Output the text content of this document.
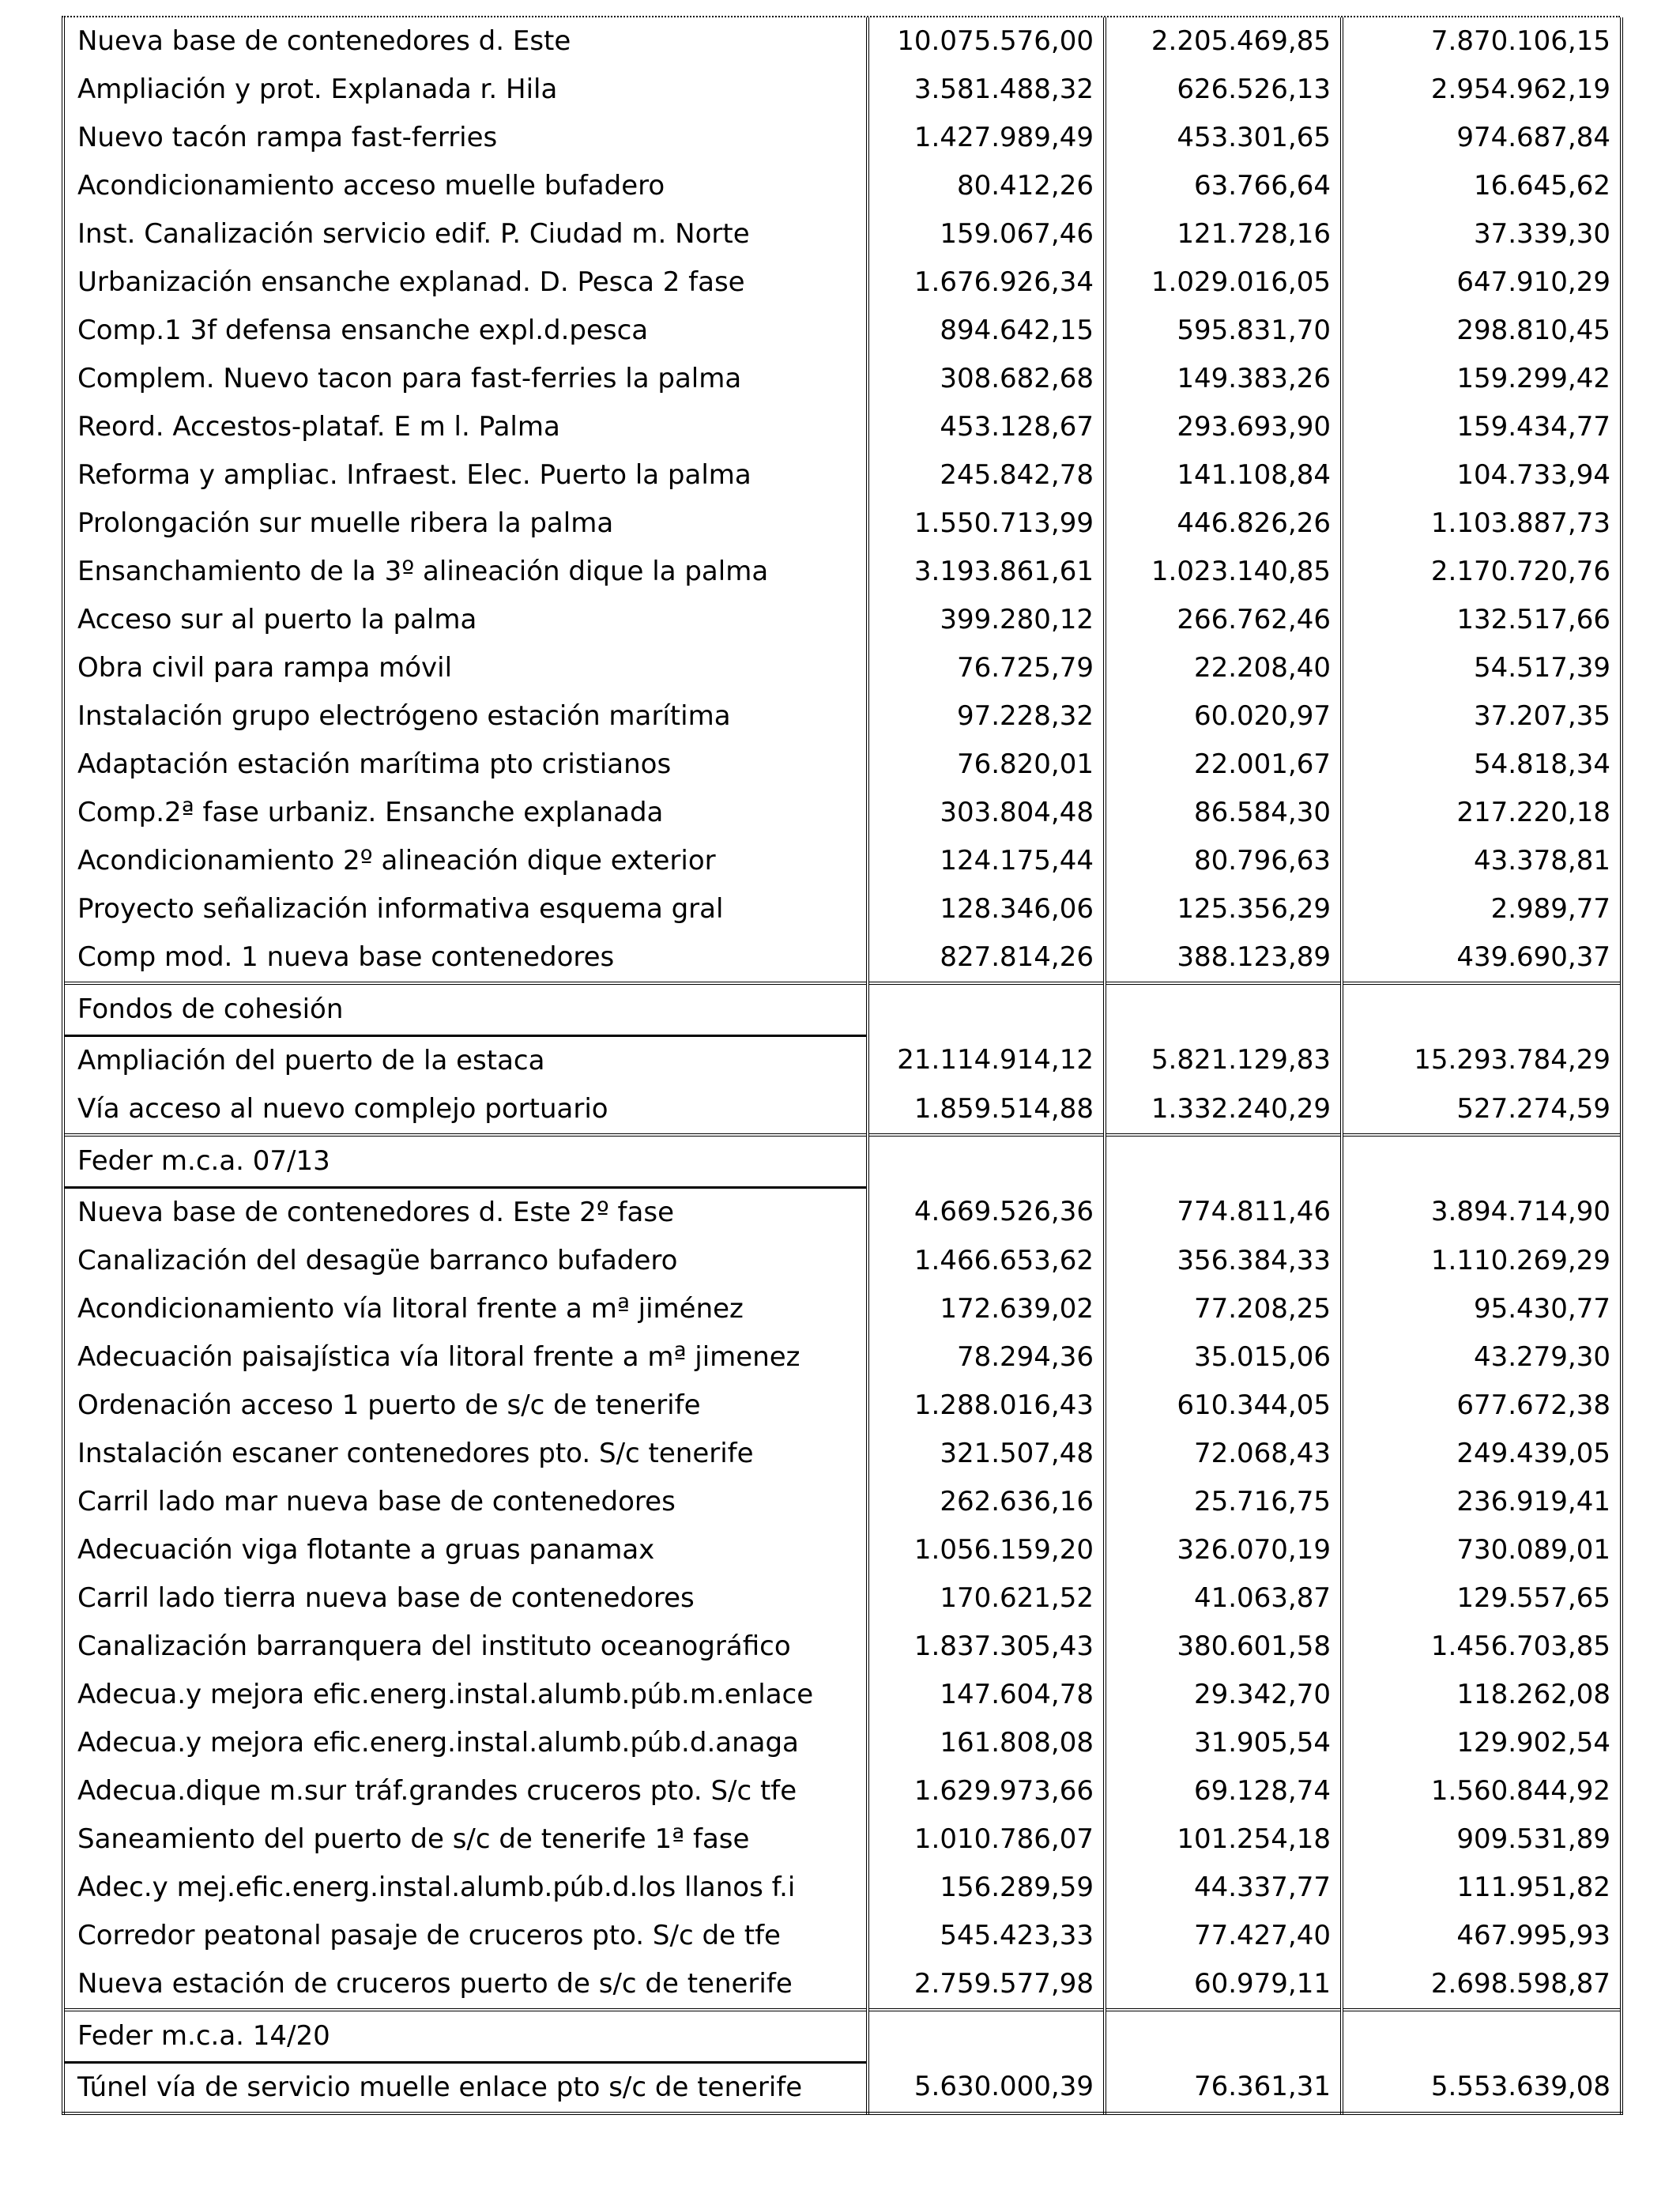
Nueva base de contenedores d. Este	10.075.576,00	2.205.469,85	7.870.106,15
Ampliación y prot. Explanada r. Hila	3.581.488,32	626.526,13	2.954.962,19
Nuevo tacón rampa fast-ferries	1.427.989,49	453.301,65	974.687,84
Acondicionamiento acceso muelle bufadero	80.412,26	63.766,64	16.645,62
Inst. Canalización servicio edif. P. Ciudad m. Norte	159.067,46	121.728,16	37.339,30
Urbanización ensanche explanad. D. Pesca 2 fase	1.676.926,34	1.029.016,05	647.910,29
Comp.1 3f defensa ensanche expl.d.pesca	894.642,15	595.831,70	298.810,45
Complem. Nuevo tacon para fast-ferries la palma	308.682,68	149.383,26	159.299,42
Reord. Accestos-plataf. E m l. Palma	453.128,67	293.693,90	159.434,77
Reforma y ampliac. Infraest. Elec. Puerto la palma	245.842,78	141.108,84	104.733,94
Prolongación sur muelle ribera la palma	1.550.713,99	446.826,26	1.103.887,73
Ensanchamiento de la 3º alineación dique la palma	3.193.861,61	1.023.140,85	2.170.720,76
Acceso sur al puerto la palma	399.280,12	266.762,46	132.517,66
Obra civil para rampa móvil	76.725,79	22.208,40	54.517,39
Instalación grupo electrógeno estación marítima	97.228,32	60.020,97	37.207,35
Adaptación estación marítima pto cristianos	76.820,01	22.001,67	54.818,34
Comp.2ª fase urbaniz. Ensanche explanada	303.804,48	86.584,30	217.220,18
Acondicionamiento 2º alineación dique exterior	124.175,44	80.796,63	43.378,81
Proyecto señalización informativa esquema gral	128.346,06	125.356,29	2.989,77
Comp mod. 1 nueva base contenedores	827.814,26	388.123,89	439.690,37
Fondos de cohesión			
Ampliación del puerto de la estaca	21.114.914,12	5.821.129,83	15.293.784,29
Vía acceso al nuevo complejo portuario	1.859.514,88	1.332.240,29	527.274,59
Feder m.c.a. 07/13			
Nueva base de contenedores d. Este 2º fase	4.669.526,36	774.811,46	3.894.714,90
Canalización del desagüe barranco bufadero	1.466.653,62	356.384,33	1.110.269,29
Acondicionamiento vía litoral frente a mª jiménez	172.639,02	77.208,25	95.430,77
Adecuación paisajística vía litoral frente a mª jimenez	78.294,36	35.015,06	43.279,30
Ordenación acceso 1 puerto de s/c de tenerife	1.288.016,43	610.344,05	677.672,38
Instalación escaner contenedores pto. S/c tenerife	321.507,48	72.068,43	249.439,05
Carril lado mar nueva base de contenedores	262.636,16	25.716,75	236.919,41
Adecuación viga flotante a gruas panamax	1.056.159,20	326.070,19	730.089,01
Carril lado tierra nueva base de contenedores	170.621,52	41.063,87	129.557,65
Canalización barranquera del instituto oceanográfico	1.837.305,43	380.601,58	1.456.703,85
Adecua.y mejora efic.energ.instal.alumb.púb.m.enlace	147.604,78	29.342,70	118.262,08
Adecua.y mejora efic.energ.instal.alumb.púb.d.anaga	161.808,08	31.905,54	129.902,54
Adecua.dique m.sur tráf.grandes cruceros pto. S/c tfe	1.629.973,66	69.128,74	1.560.844,92
Saneamiento del puerto de s/c de tenerife 1ª fase	1.010.786,07	101.254,18	909.531,89
Adec.y mej.efic.energ.instal.alumb.púb.d.los llanos f.i	156.289,59	44.337,77	111.951,82
Corredor peatonal pasaje de cruceros pto. S/c de tfe	545.423,33	77.427,40	467.995,93
Nueva estación de cruceros puerto de s/c de tenerife	2.759.577,98	60.979,11	2.698.598,87
Feder m.c.a. 14/20			
Túnel vía de servicio muelle enlace pto s/c de tenerife	5.630.000,39	76.361,31	5.553.639,08
